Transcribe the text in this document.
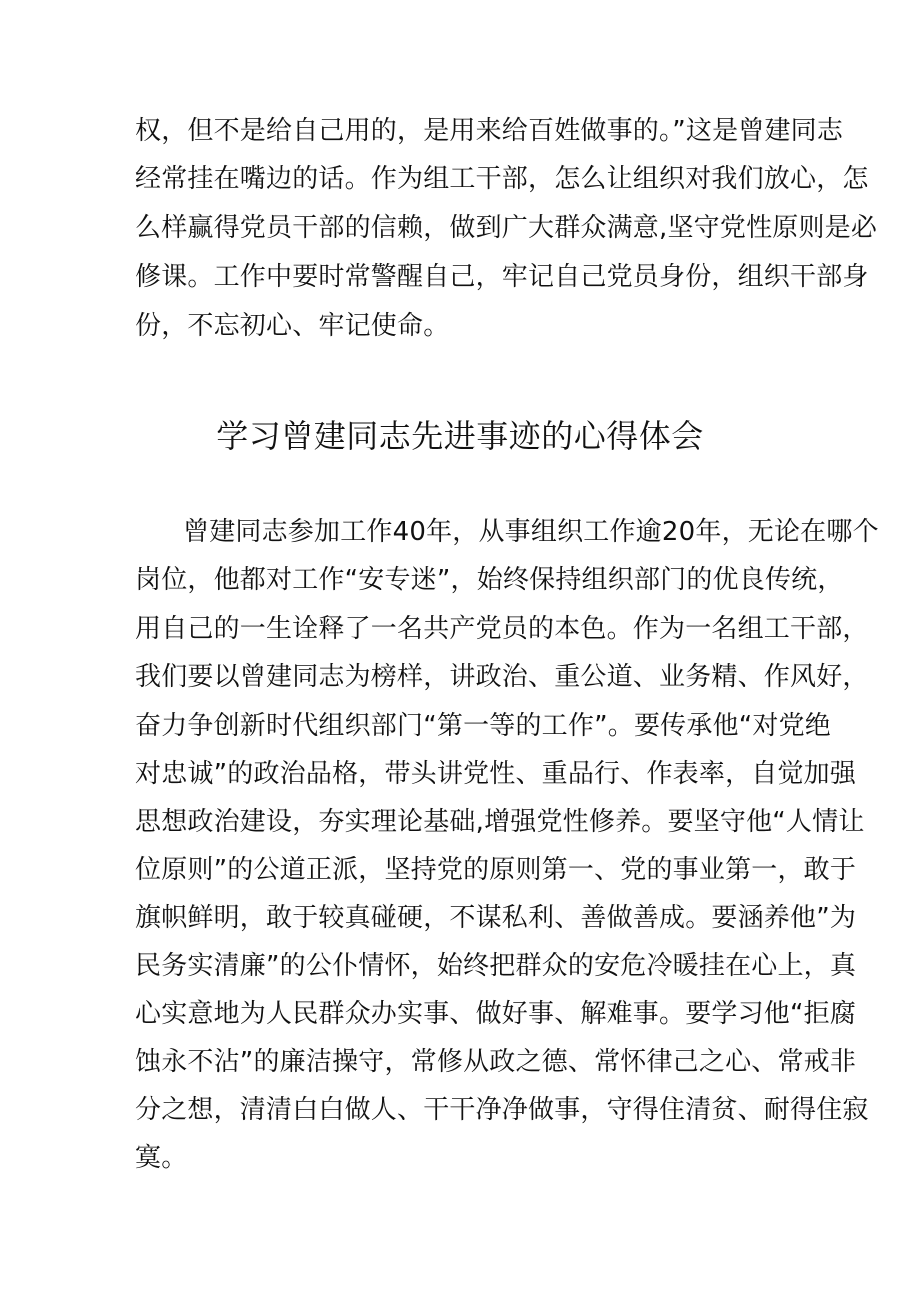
权，但不是给自己用的，是用来给百姓做事的。”这是曾建同志
经常挂在嘴边的话。作为组工干部，怎么让组织对我们放心，怎
么样赢得党员干部的信赖，做到广大群众满意,坚守党性原则是必
修课。工作中要时常警醒自己，牢记自己党员身份，组织干部身
份，不忘初心、牢记使命。
学习曾建同志先进事迹的心得体会
曾建同志参加工作40年，从事组织工作逾20年，无论在哪个
岗位，他都对工作“安专迷”，始终保持组织部门的优良传统，
用自己的一生诠释了一名共产党员的本色。作为一名组工干部，
我们要以曾建同志为榜样，讲政治、重公道、业务精、作风好，
奋力争创新时代组织部门“第一等的工作”。要传承他“对党绝
对忠诚”的政治品格，带头讲党性、重品行、作表率，自觉加强
思想政治建设，夯实理论基础,增强党性修养。要坚守他“人情让
位原则”的公道正派，坚持党的原则第一、党的事业第一，敢于
旗帜鲜明，敢于较真碰硬，不谋私利、善做善成。要涵养他”为
民务实清廉”的公仆情怀，始终把群众的安危冷暖挂在心上，真
心实意地为人民群众办实事、做好事、解难事。要学习他“拒腐
蚀永不沾”的廉洁操守，常修从政之德、常怀律己之心、常戒非
分之想，清清白白做人、干干净净做事，守得住清贫、耐得住寂
寞。
